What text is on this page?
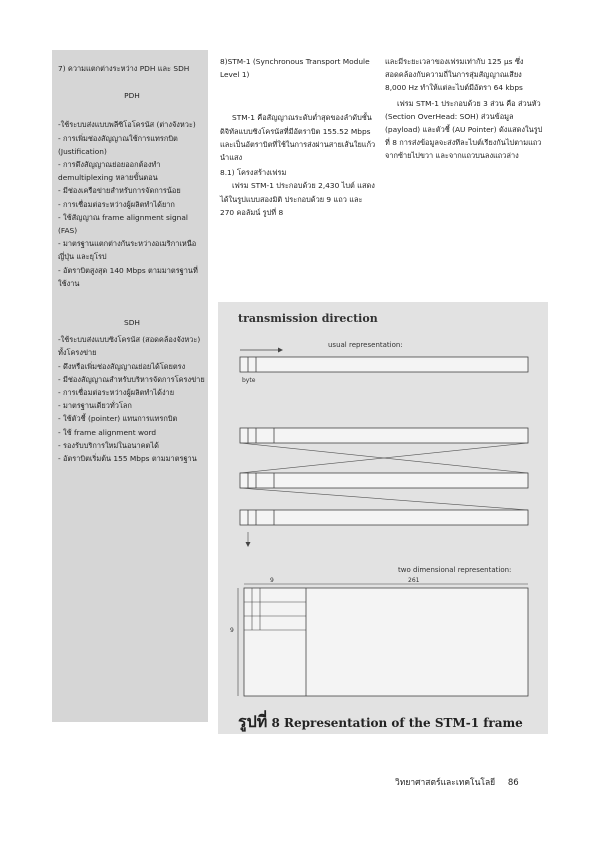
7) ความแตกต่างระหว่าง PDH และ SDH

PDH

-ใช้ระบบส่งแบบพลีซิโอโครนัส (ต่างจังหวะ)

- การเพิ่มช่องสัญญาณใช้การแทรกบิต (Justification)

- การดึงสัญญาณย่อยออกต้องทำ demultiplexing หลายขั้นตอน

- มีช่องเครือข่ายสำหรับการจัดการน้อย

- การเชื่อมต่อระหว่างผู้ผลิตทำได้ยาก

- ใช้สัญญาณ frame alignment signal (FAS)

- มาตรฐานแตกต่างกันระหว่างอเมริกาเหนือ ญี่ปุ่น และยุโรป

- อัตราบิตสูงสุด 140 Mbps ตามมาตรฐานที่ใช้งาน

SDH

-ใช้ระบบส่งแบบซิงโครนัส (สอดคล้องจังหวะ) ทั้งโครงข่าย

- ดึงหรือเพิ่มช่องสัญญาณย่อยได้โดยตรง

- มีช่องสัญญาณสำหรับบริหารจัดการโครงข่าย

- การเชื่อมต่อระหว่างผู้ผลิตทำได้ง่าย

- มาตรฐานเดียวทั่วโลก

- ใช้ตัวชี้ (pointer) แทนการแทรกบิต

- ใช้ frame alignment word

- รองรับบริการใหม่ในอนาคตได้

- อัตราบิตเริ่มต้น 155 Mbps ตามมาตรฐาน

8)STM-1 (Synchronous Transport Module Level 1)

STM-1 คือสัญญาณระดับต่ำสุดของลำดับชั้นดิจิทัลแบบซิงโครนัสที่มีอัตราบิต 155.52 Mbps และเป็นอัตราบิตที่ใช้ในการส่งผ่านสายเส้นใยแก้วนำแสง

8.1) โครงสร้างเฟรม

เฟรม STM-1 ประกอบด้วย 2,430 ไบต์ แสดงได้ในรูปแบบสองมิติ ประกอบด้วย 9 แถว และ 270 คอลัมน์ รูปที่ 8

และมีระยะเวลาของเฟรมเท่ากับ 125 μs ซึ่งสอดคล้องกับความถี่ในการสุ่มสัญญาณเสียง 8,000 Hz ทำให้แต่ละไบต์มีอัตรา 64 kbps

เฟรม STM-1 ประกอบด้วย 3 ส่วน คือ ส่วนหัว (Section OverHead: SOH) ส่วนข้อมูล (payload) และตัวชี้ (AU Pointer) ดังแสดงในรูปที่ 8 การส่งข้อมูลจะส่งทีละไบต์เรียงกันไปตามแถว จากซ้ายไปขวา และจากแถวบนลงแถวล่าง

transmission direction
usual representation:
byte
two dimensional representation:
9	261
9
รูปที่ 8 Representation of the STM-1 frame
วิทยาศาสตร์และเทคโนโลยี 86
